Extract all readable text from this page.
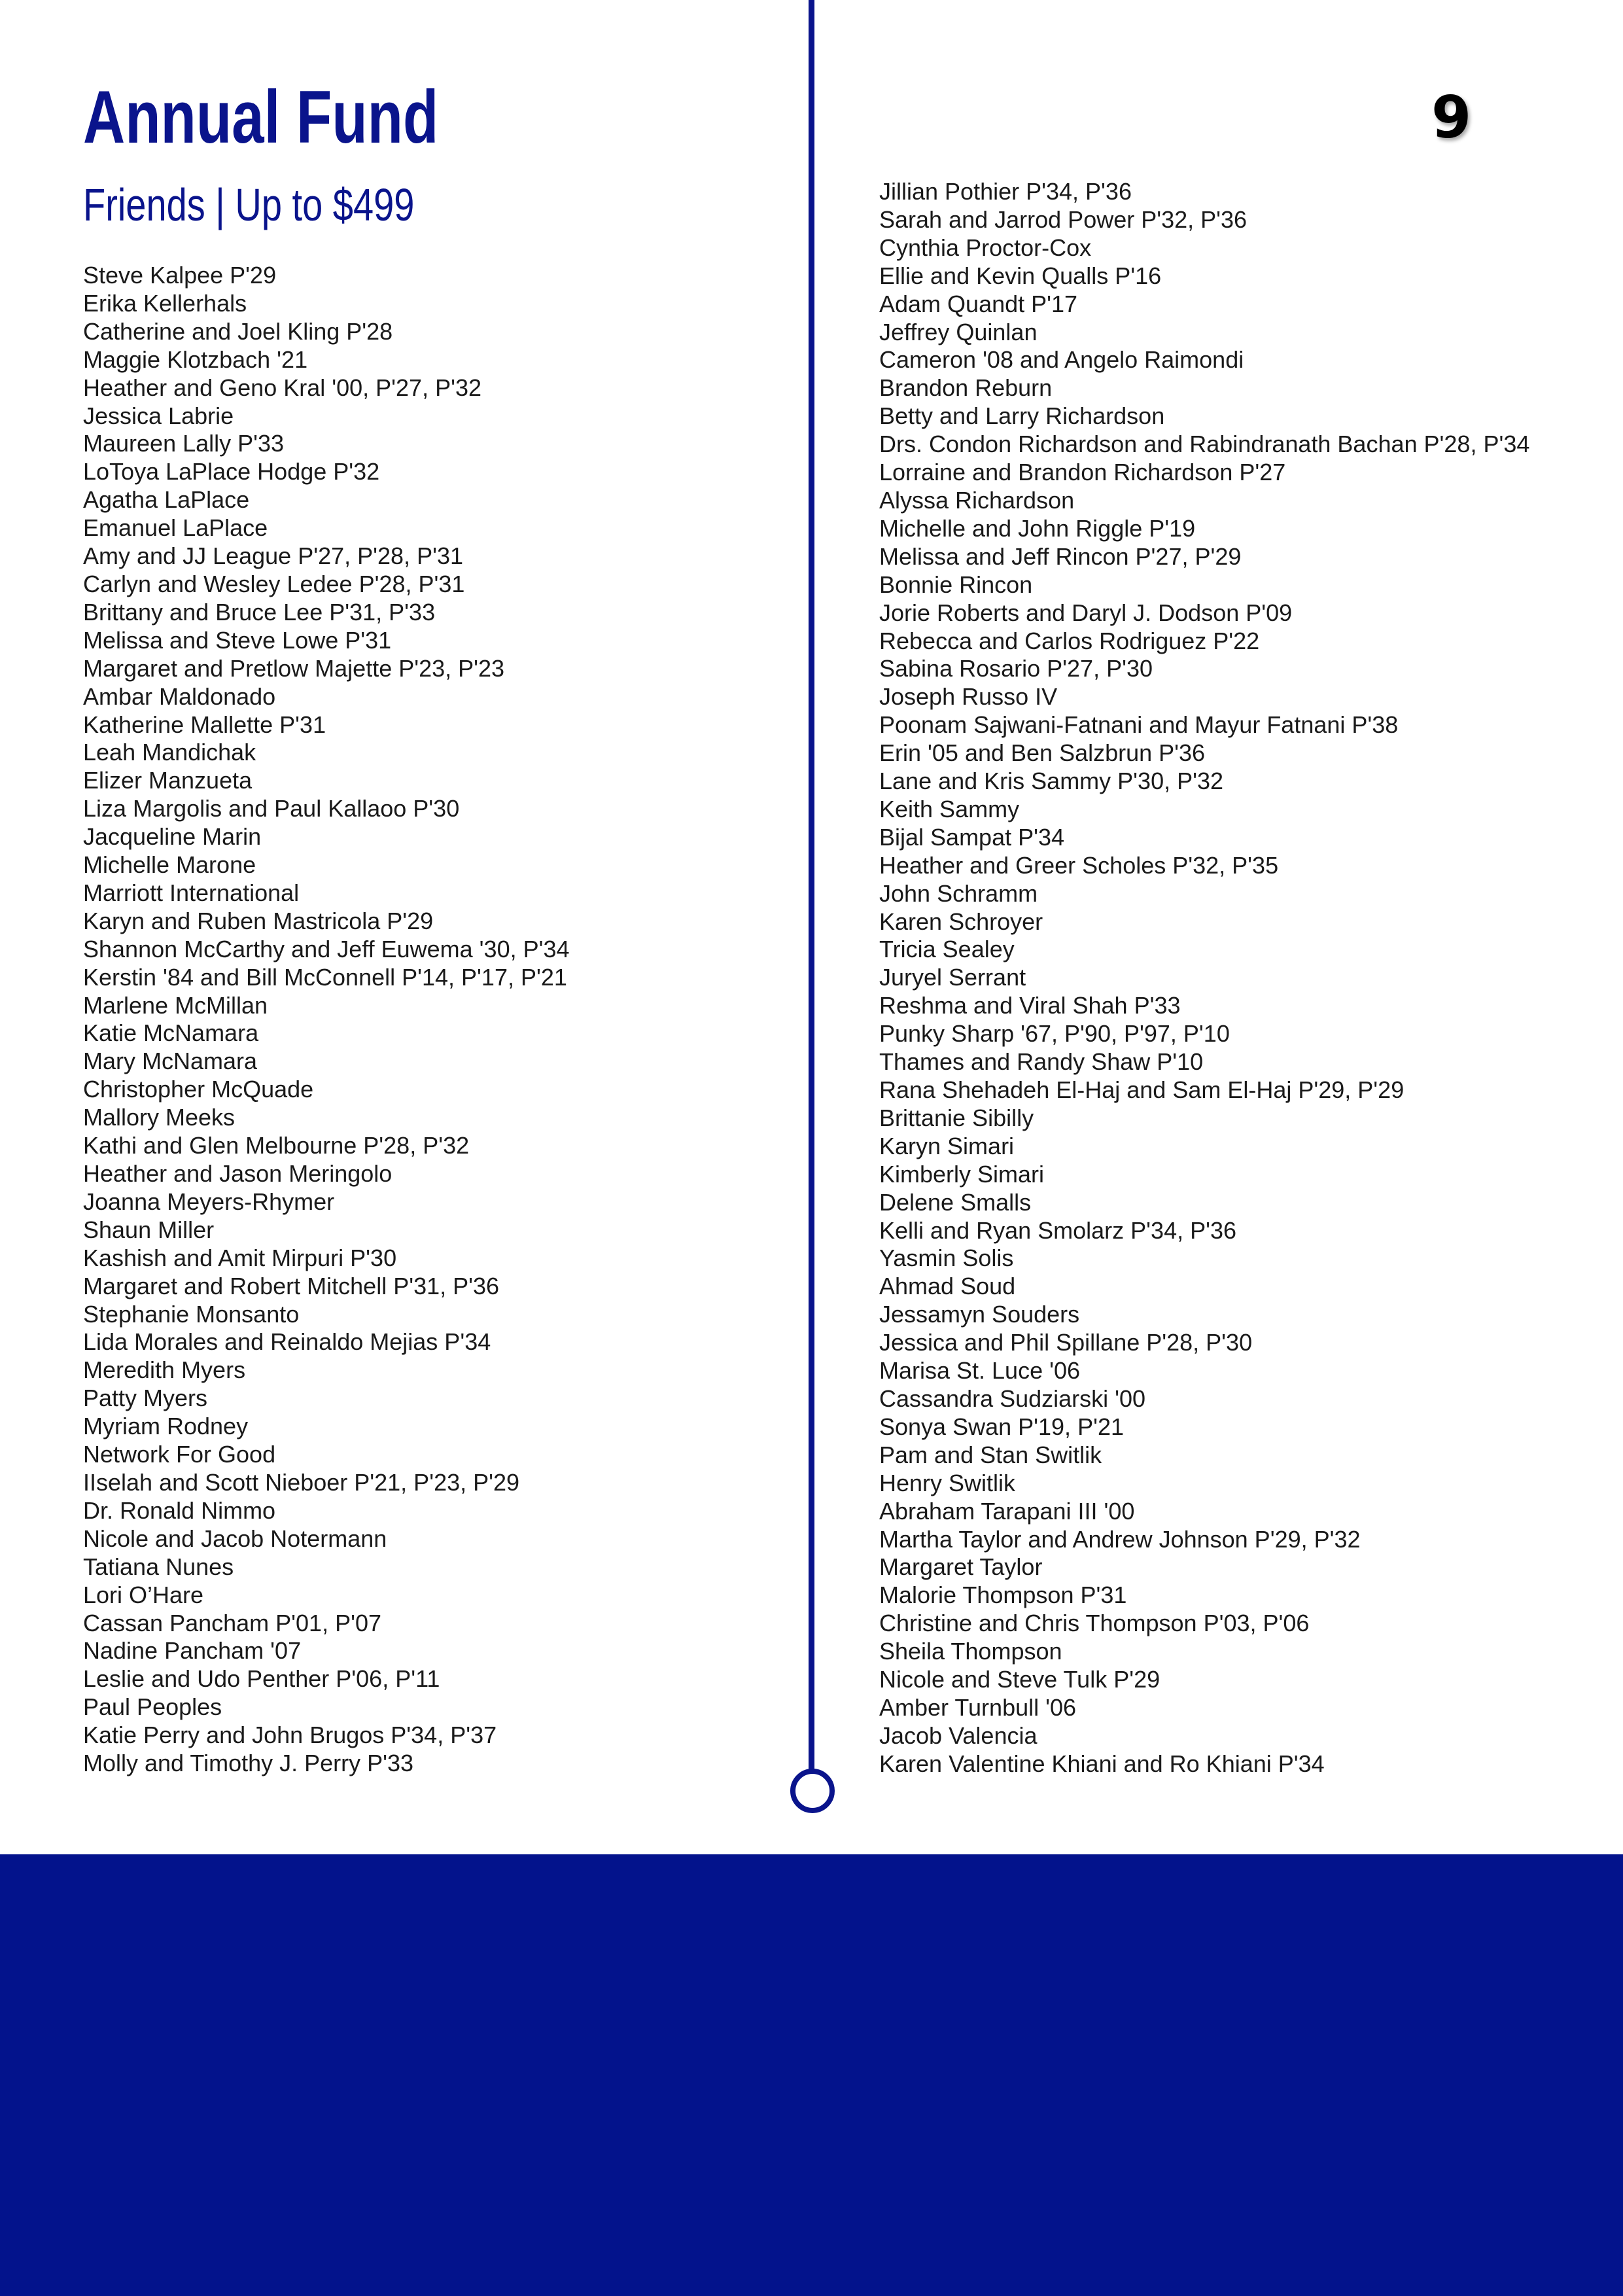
Annual Fund	9
Friends | Up to $499
Steve Kalpee P'29
Erika Kellerhals
Catherine and Joel Kling P'28
Maggie Klotzbach '21
Heather and Geno Kral '00, P'27, P'32
Jessica Labrie
Maureen Lally P'33
LoToya LaPlace Hodge P'32
Agatha LaPlace
Emanuel LaPlace
Amy and JJ League P'27, P'28, P'31
Carlyn and Wesley Ledee P'28, P'31
Brittany and Bruce Lee P'31, P'33
Melissa and Steve Lowe P'31
Margaret and Pretlow Majette P'23, P'23
Ambar Maldonado
Katherine Mallette P'31
Leah Mandichak
Elizer Manzueta
Liza Margolis and Paul Kallaoo P'30
Jacqueline Marin
Michelle Marone
Marriott International
Karyn and Ruben Mastricola P'29
Shannon McCarthy and Jeff Euwema '30, P'34
Kerstin '84 and Bill McConnell P'14, P'17, P'21
Marlene McMillan
Katie McNamara
Mary McNamara
Christopher McQuade
Mallory Meeks
Kathi and Glen Melbourne P'28, P'32
Heather and Jason Meringolo
Joanna Meyers-Rhymer
Shaun Miller
Kashish and Amit Mirpuri P'30
Margaret and Robert Mitchell P'31, P'36
Stephanie Monsanto
Lida Morales and Reinaldo Mejias P'34
Meredith Myers
Patty Myers
Myriam Rodney
Network For Good
IIselah and Scott Nieboer P'21, P'23, P'29
Dr. Ronald Nimmo
Nicole and Jacob Notermann
Tatiana Nunes
Lori O’Hare
Cassan Pancham P'01, P'07
Nadine Pancham '07
Leslie and Udo Penther P'06, P'11
Paul Peoples
Katie Perry and John Brugos P'34, P'37
Molly and Timothy J. Perry P'33
Jillian Pothier P'34, P'36
Sarah and Jarrod Power P'32, P'36
Cynthia Proctor-Cox
Ellie and Kevin Qualls P'16
Adam Quandt P'17
Jeffrey Quinlan
Cameron '08 and Angelo Raimondi
Brandon Reburn
Betty and Larry Richardson
Drs. Condon Richardson and Rabindranath Bachan P'28, P'34
Lorraine and Brandon Richardson P'27
Alyssa Richardson
Michelle and John Riggle P'19
Melissa and Jeff Rincon P'27, P'29
Bonnie Rincon
Jorie Roberts and Daryl J. Dodson P'09
Rebecca and Carlos Rodriguez P'22
Sabina Rosario P'27, P'30
Joseph Russo IV
Poonam Sajwani-Fatnani and Mayur Fatnani P'38
Erin '05 and Ben Salzbrun P'36
Lane and Kris Sammy P'30, P'32
Keith Sammy
Bijal Sampat P'34
Heather and Greer Scholes P'32, P'35
John Schramm
Karen Schroyer
Tricia Sealey
Juryel Serrant
Reshma and Viral Shah P'33
Punky Sharp '67, P'90, P'97, P'10
Thames and Randy Shaw P'10
Rana Shehadeh El-Haj and Sam El-Haj P'29, P'29
Brittanie Sibilly
Karyn Simari
Kimberly Simari
Delene Smalls
Kelli and Ryan Smolarz P'34, P'36
Yasmin Solis
Ahmad Soud
Jessamyn Souders
Jessica and Phil Spillane P'28, P'30
Marisa St. Luce '06
Cassandra Sudziarski '00
Sonya Swan P'19, P'21
Pam and Stan Switlik
Henry Switlik
Abraham Tarapani III '00
Martha Taylor and Andrew Johnson P'29, P'32
Margaret Taylor
Malorie Thompson P'31
Christine and Chris Thompson P'03, P'06
Sheila Thompson
Nicole and Steve Tulk P'29
Amber Turnbull '06
Jacob Valencia
Karen Valentine Khiani and Ro Khiani P'34
